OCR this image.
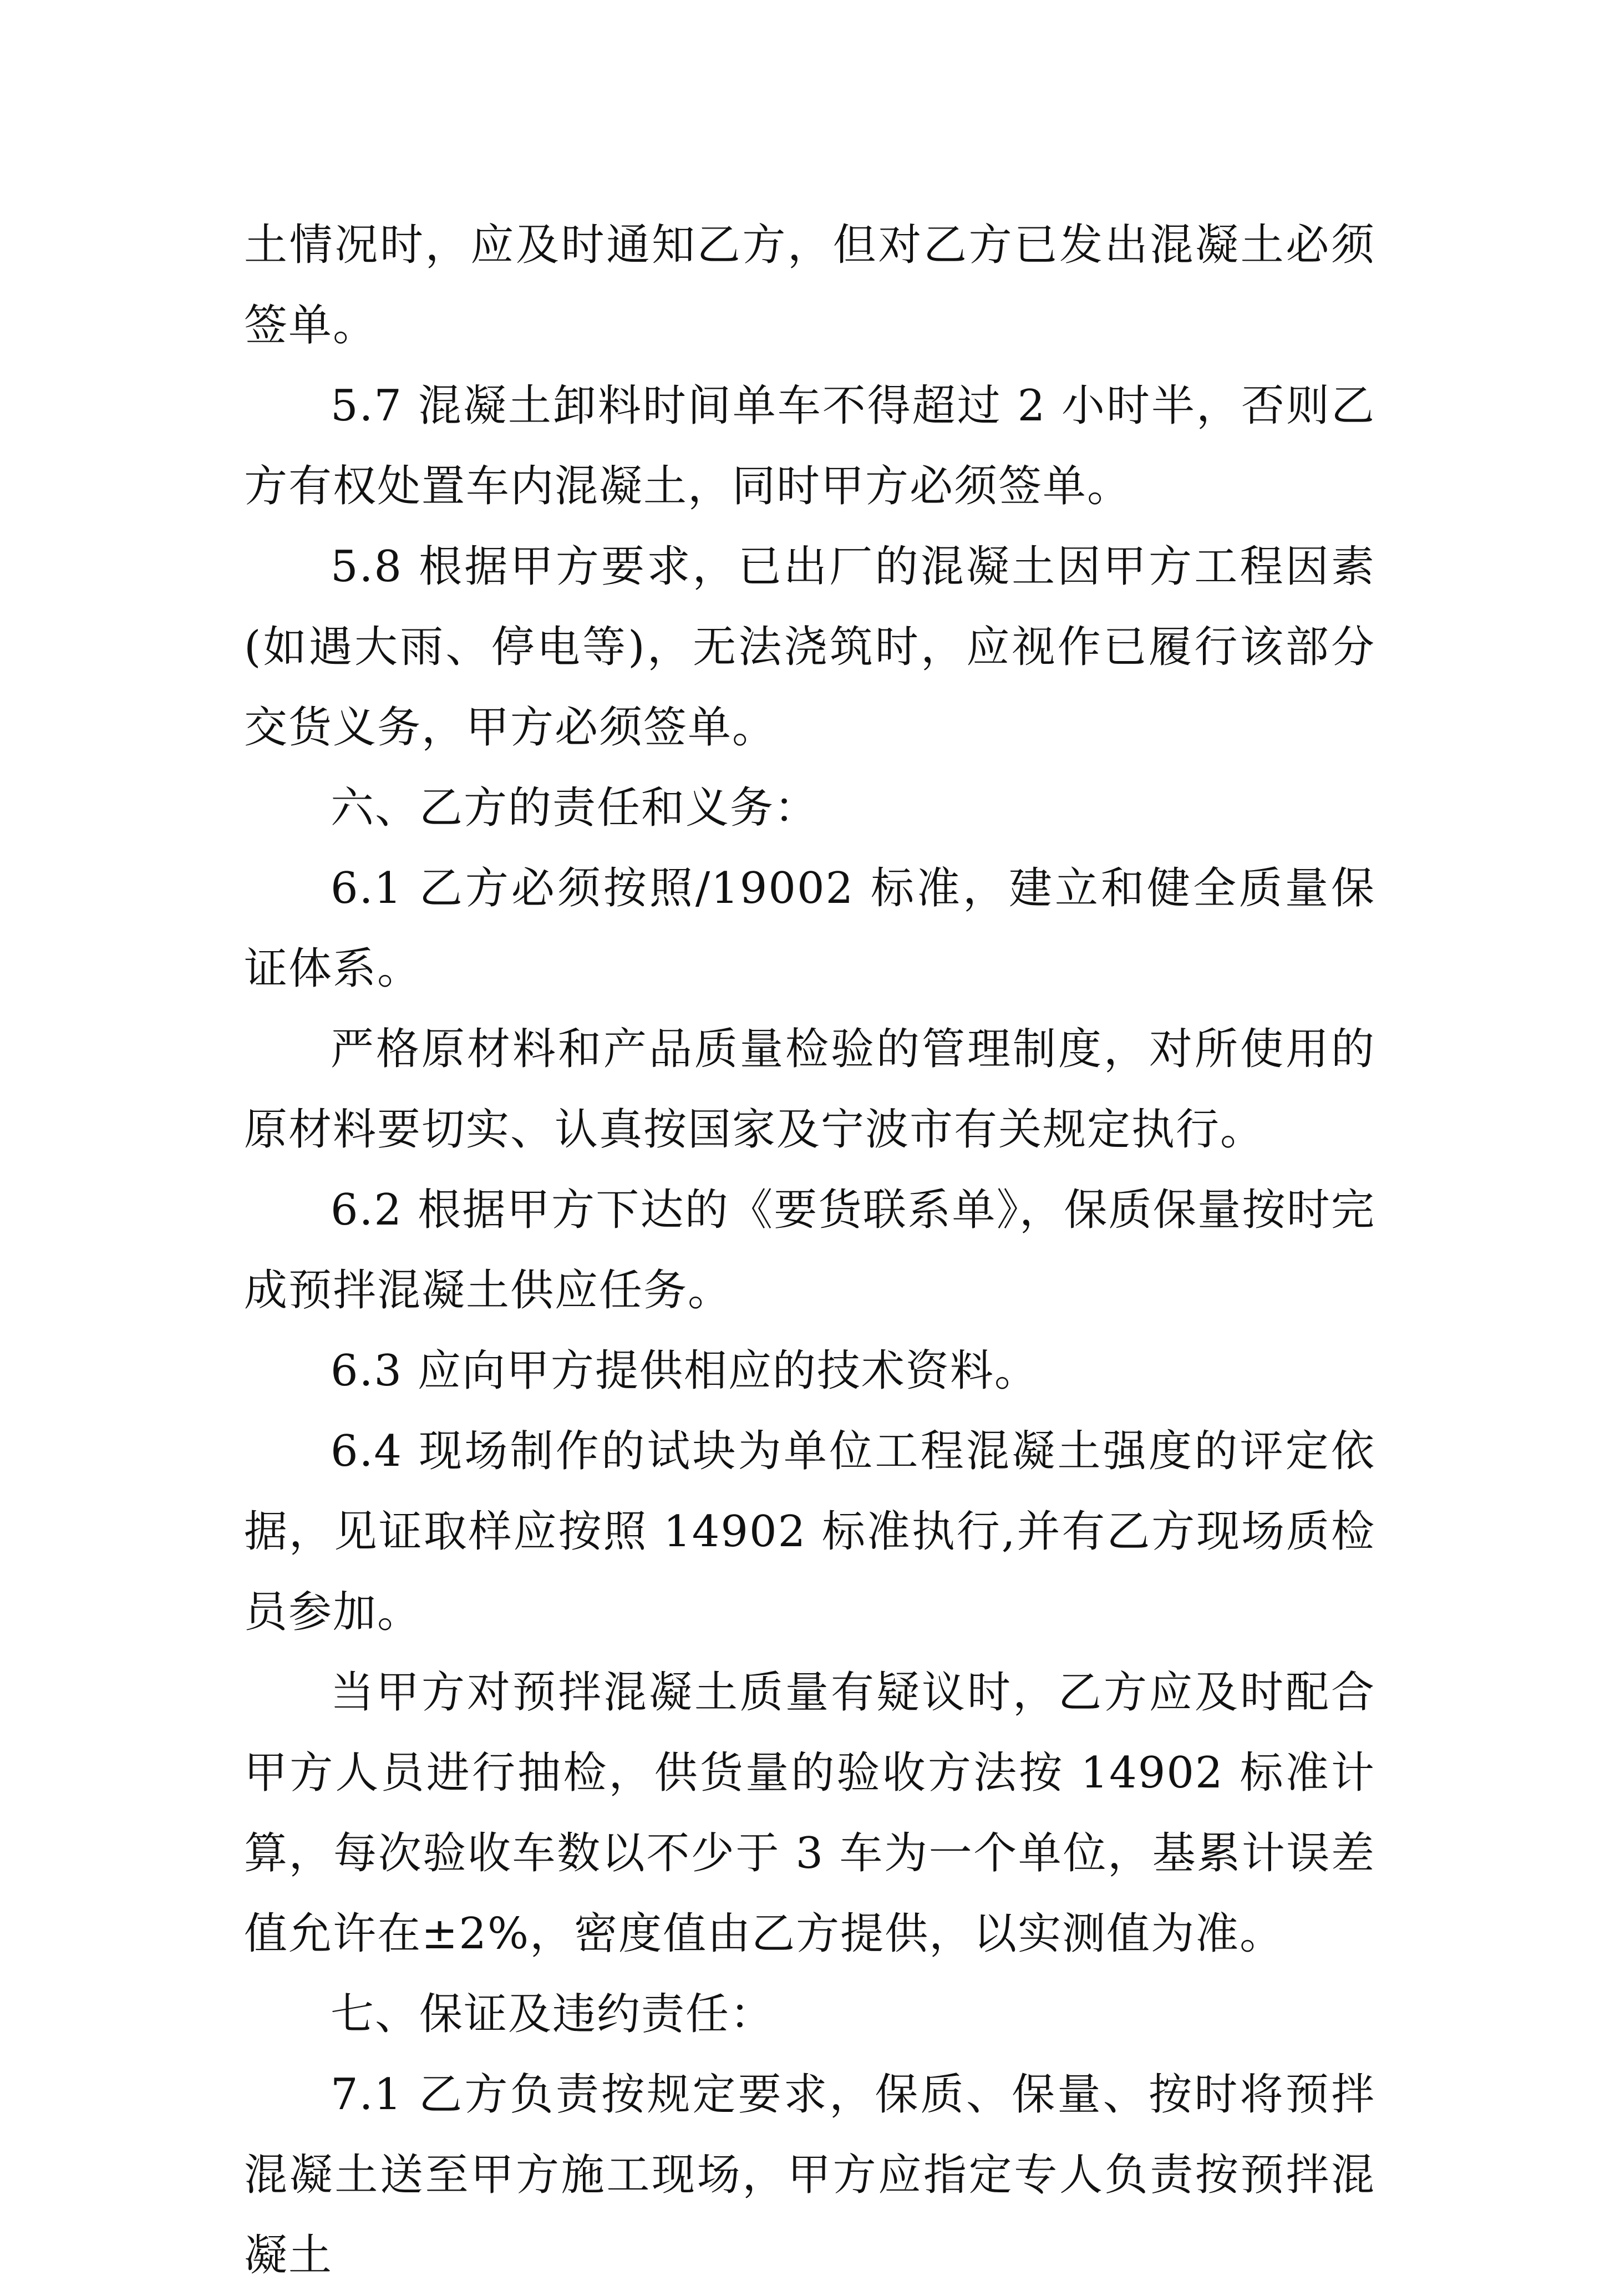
土情况时，应及时通知乙方，但对乙方已发出混凝土必须签单。

5.7 混凝土卸料时间单车不得超过 2 小时半，否则乙方有权处置车内混凝土，同时甲方必须签单。

5.8 根据甲方要求，已出厂的混凝土因甲方工程因素(如遇大雨、停电等)，无法浇筑时，应视作已履行该部分交货义务，甲方必须签单。

六、乙方的责任和义务：

6.1 乙方必须按照/19002 标准，建立和健全质量保证体系。

严格原材料和产品质量检验的管理制度，对所使用的原材料要切实、认真按国家及宁波市有关规定执行。

6.2 根据甲方下达的《要货联系单》，保质保量按时完成预拌混凝土供应任务。

6.3 应向甲方提供相应的技术资料。

6.4 现场制作的试块为单位工程混凝土强度的评定依据，见证取样应按照 14902 标准执行,并有乙方现场质检员参加。

当甲方对预拌混凝土质量有疑议时，乙方应及时配合甲方人员进行抽检，供货量的验收方法按 14902 标准计算，每次验收车数以不少于 3 车为一个单位，基累计误差值允许在±2%，密度值由乙方提供，以实测值为准。

七、保证及违约责任：

7.1 乙方负责按规定要求，保质、保量、按时将预拌混凝土送至甲方施工现场，甲方应指定专人负责按预拌混凝土
